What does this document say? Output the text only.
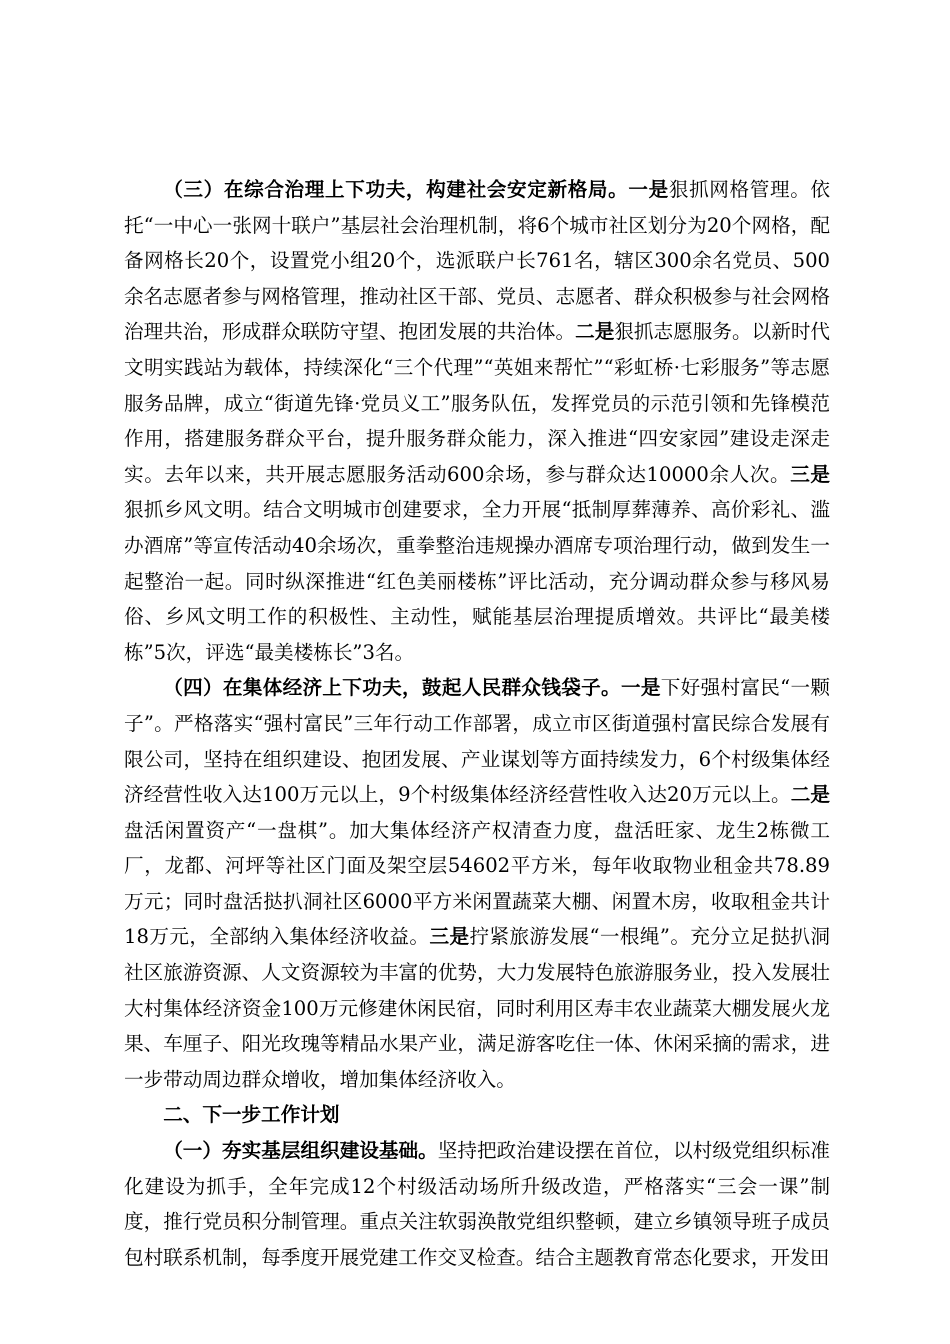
（三）在综合治理上下功夫，构建社会安定新格局。一是狠抓网格管理。依托“一中心一张网十联户”基层社会治理机制，将6个城市社区划分为20个网格，配备网格长20个，设置党小组20个，选派联户长761名，辖区300余名党员、500余名志愿者参与网格管理，推动社区干部、党员、志愿者、群众积极参与社会网格治理共治，形成群众联防守望、抱团发展的共治体。二是狠抓志愿服务。以新时代文明实践站为载体，持续深化“三个代理”“英姐来帮忙”“彩虹桥·七彩服务”等志愿服务品牌，成立“街道先锋·党员义工”服务队伍，发挥党员的示范引领和先锋模范作用，搭建服务群众平台，提升服务群众能力，深入推进“四安家园”建设走深走实。去年以来，共开展志愿服务活动600余场，参与群众达10000余人次。三是狠抓乡风文明。结合文明城市创建要求，全力开展“抵制厚葬薄养、高价彩礼、滥办酒席”等宣传活动40余场次，重拳整治违规操办酒席专项治理行动，做到发生一起整治一起。同时纵深推进“红色美丽楼栋”评比活动，充分调动群众参与移风易俗、乡风文明工作的积极性、主动性，赋能基层治理提质增效。共评比“最美楼栋”5次，评选“最美楼栋长”3名。

（四）在集体经济上下功夫，鼓起人民群众钱袋子。一是下好强村富民“一颗子”。严格落实“强村富民”三年行动工作部署，成立市区街道强村富民综合发展有限公司，坚持在组织建设、抱团发展、产业谋划等方面持续发力，6个村级集体经济经营性收入达100万元以上，9个村级集体经济经营性收入达20万元以上。二是盘活闲置资产“一盘棋”。加大集体经济产权清查力度，盘活旺家、龙生2栋微工厂，龙都、河坪等社区门面及架空层54602平方米，每年收取物业租金共78.89万元；同时盘活挞扒洞社区6000平方米闲置蔬菜大棚、闲置木房，收取租金共计18万元，全部纳入集体经济收益。三是拧紧旅游发展“一根绳”。充分立足挞扒洞社区旅游资源、人文资源较为丰富的优势，大力发展特色旅游服务业，投入发展壮大村集体经济资金100万元修建休闲民宿，同时利用区寿丰农业蔬菜大棚发展火龙果、车厘子、阳光玫瑰等精品水果产业，满足游客吃住一体、休闲采摘的需求，进一步带动周边群众增收，增加集体经济收入。

二、下一步工作计划

（一）夯实基层组织建设基础。坚持把政治建设摆在首位，以村级党组织标准化建设为抓手，全年完成12个村级活动场所升级改造，严格落实“三会一课”制度，推行党员积分制管理。重点关注软弱涣散党组织整顿，建立乡镇领导班子成员包村联系机制，每季度开展党建工作交叉检查。结合主题教育常态化要求，开发田
